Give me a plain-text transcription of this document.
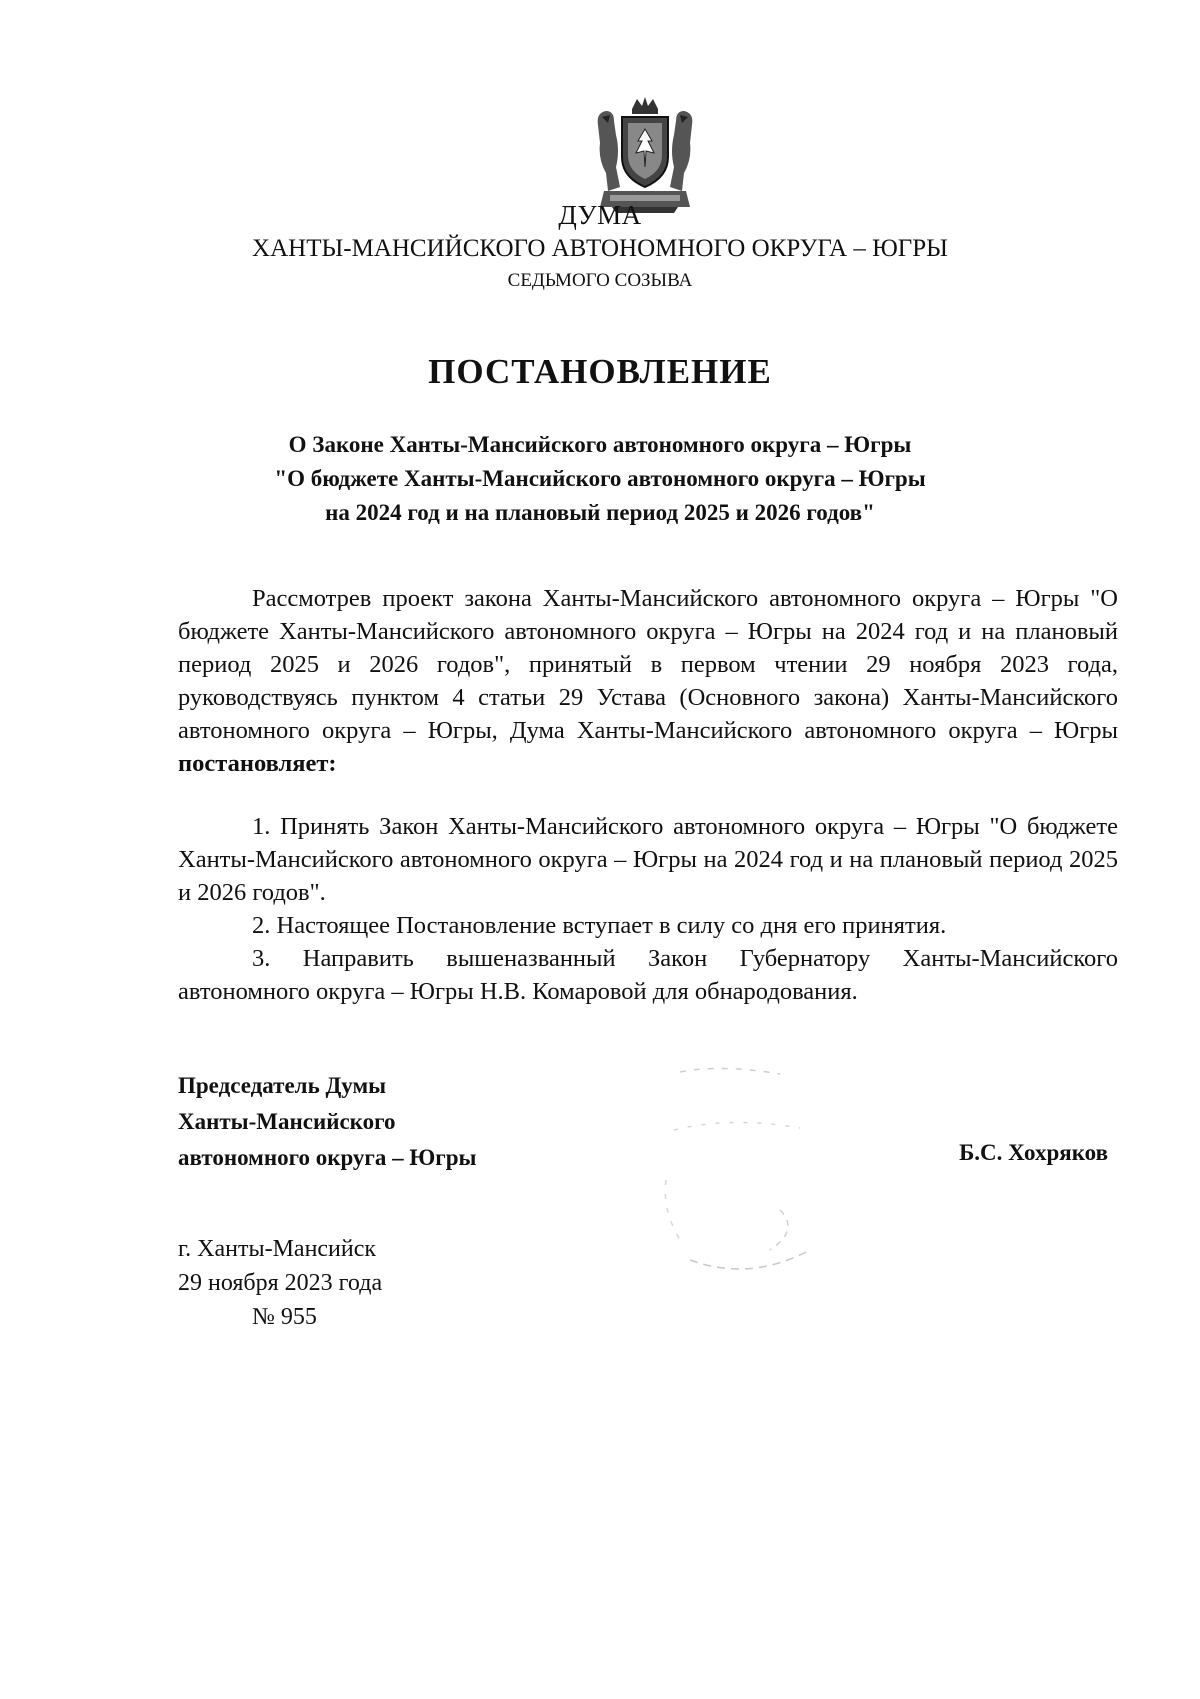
ДУМА
ХАНТЫ-МАНСИЙСКОГО АВТОНОМНОГО ОКРУГА – ЮГРЫ
СЕДЬМОГО СОЗЫВА
ПОСТАНОВЛЕНИЕ
О Законе Ханты-Мансийского автономного округа – Югры
"О бюджете Ханты-Мансийского автономного округа – Югры
на 2024 год и на плановый период 2025 и 2026 годов"

Рассмотрев проект закона Ханты-Мансийского автономного округа – Югры "О бюджете Ханты-Мансийского автономного округа – Югры на 2024 год и на плановый период 2025 и 2026 годов", принятый в первом чтении 29 ноября 2023 года, руководствуясь пунктом 4 статьи 29 Устава (Основного закона) Ханты-Мансийского автономного округа – Югры, Дума Ханты-Мансийского автономного округа – Югры постановляет:

1. Принять Закон Ханты-Мансийского автономного округа – Югры "О бюджете Ханты-Мансийского автономного округа – Югры на 2024 год и на плановый период 2025 и 2026 годов".

2. Настоящее Постановление вступает в силу со дня его принятия.

3. Направить вышеназванный Закон Губернатору Ханты-Мансийского автономного округа – Югры Н.В. Комаровой для обнародования.

Председатель Думы
Ханты-Мансийского
автономного округа – Югры	Б.С. Хохряков
г. Ханты-Мансийск
29 ноября 2023 года
№ 955
